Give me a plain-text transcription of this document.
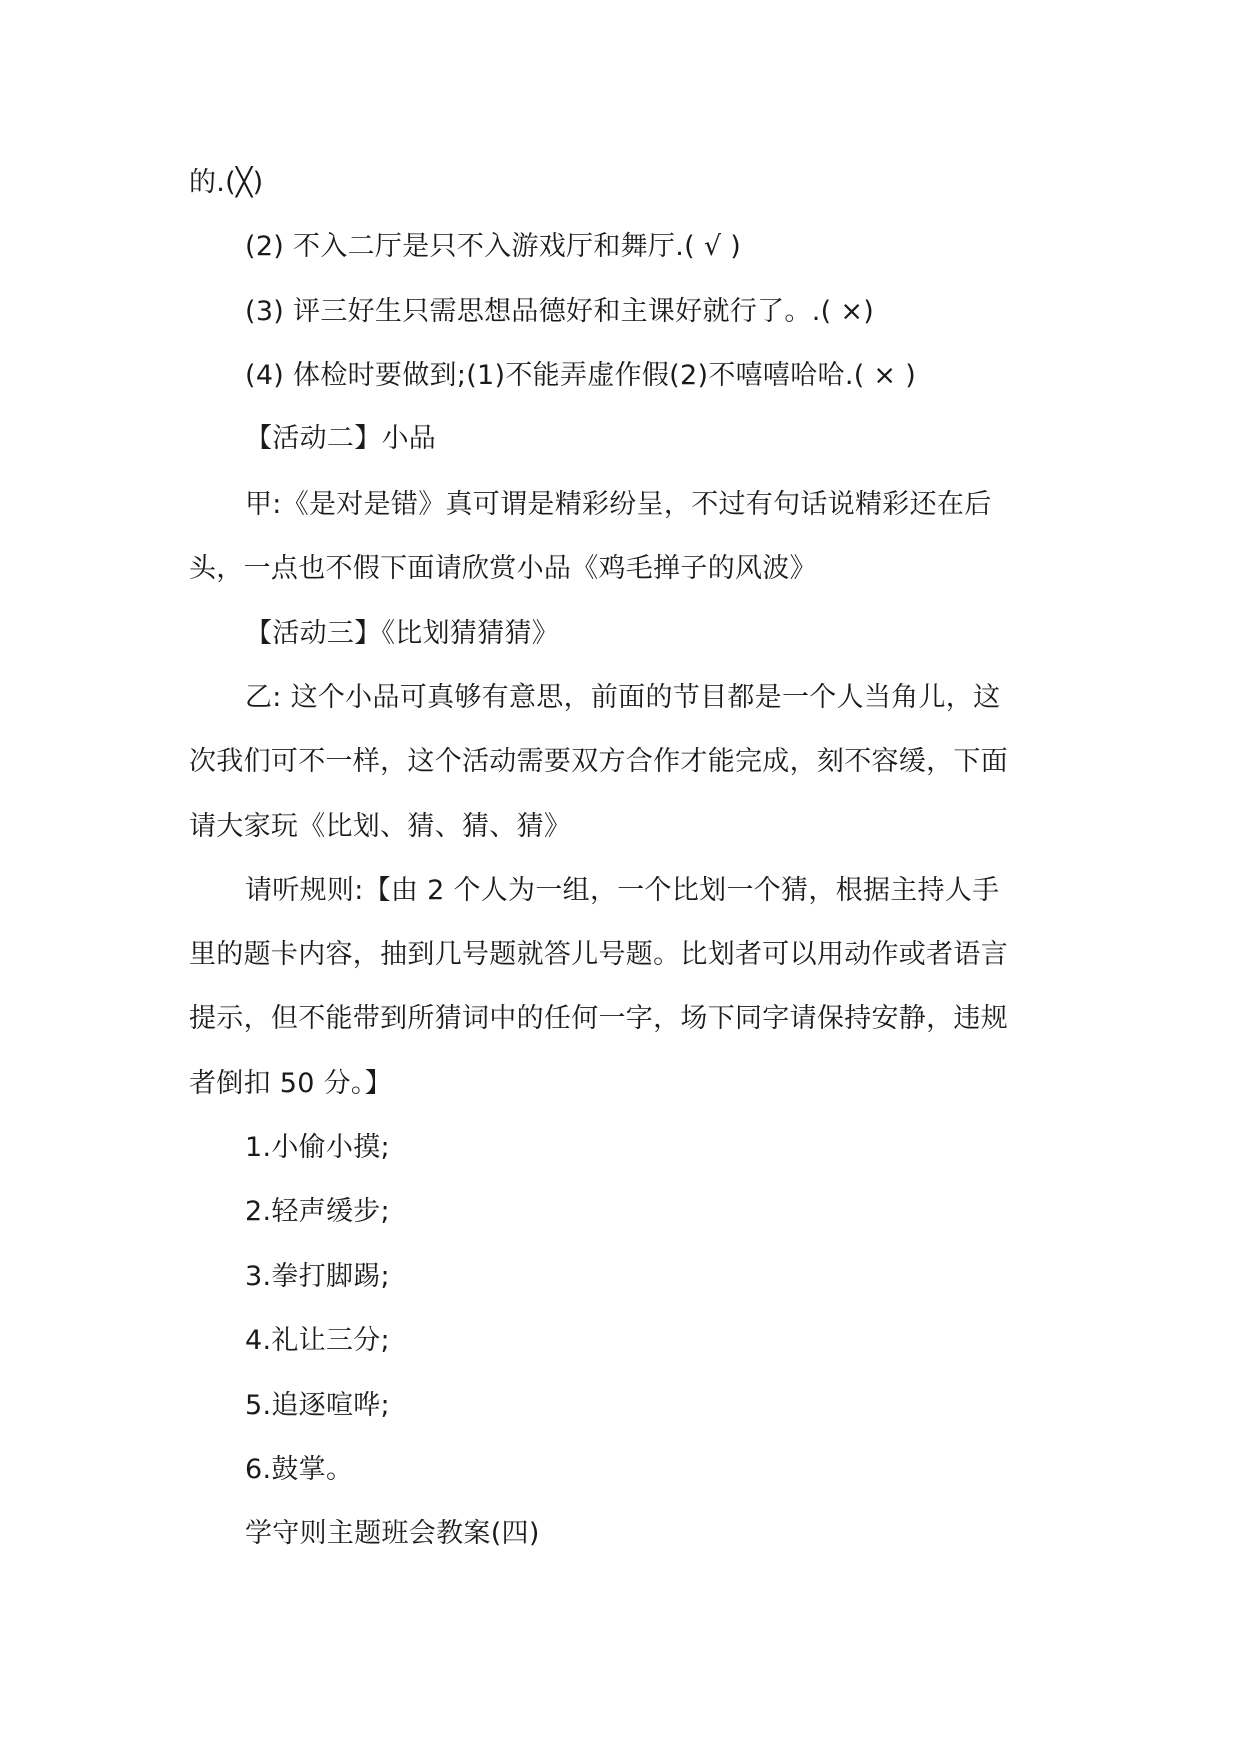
的.(╳)
(2) 不入二厅是只不入游戏厅和舞厅.( √ )
(3) 评三好生只需思想品德好和主课好就行了。.( ×)
(4) 体检时要做到;(1)不能弄虚作假(2)不嘻嘻哈哈.( × )
【活动二】小品
甲:《是对是错》真可谓是精彩纷呈，不过有句话说精彩还在后
头，一点也不假下面请欣赏小品《鸡毛掸子的风波》
【活动三】《比划猜猜猜》
乙: 这个小品可真够有意思，前面的节目都是一个人当角儿，这
次我们可不一样，这个活动需要双方合作才能完成，刻不容缓，下面
请大家玩《比划、猜、猜、猜》
请听规则:【由 2 个人为一组，一个比划一个猜，根据主持人手
里的题卡内容，抽到几号题就答儿号题。比划者可以用动作或者语言
提示，但不能带到所猜词中的任何一字，场下同字请保持安静，违规
者倒扣 50 分。】
1.小偷小摸;
2.轻声缓步;
3.拳打脚踢;
4.礼让三分;
5.追逐喧哗;
6.鼓掌。
学守则主题班会教案(四)
